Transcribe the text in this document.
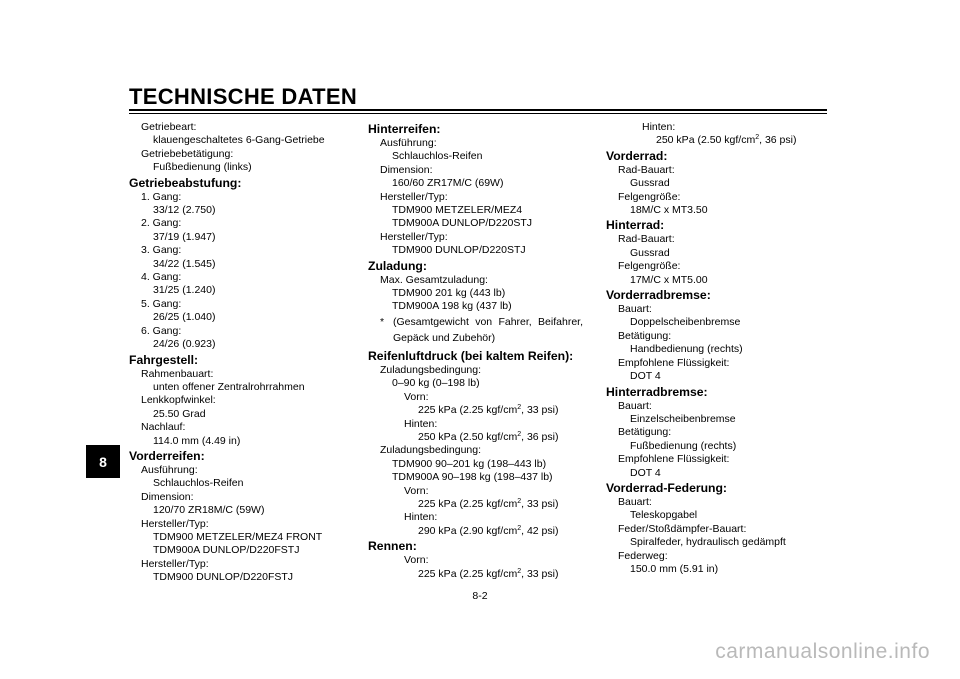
TECHNISCHE DATEN
8
Getriebeart:
klauengeschaltetes 6-Gang-Getriebe
Getriebebetätigung:
Fußbedienung (links)
Getriebeabstufung:
1. Gang:
33/12 (2.750)
2. Gang:
37/19 (1.947)
3. Gang:
34/22 (1.545)
4. Gang:
31/25 (1.240)
5. Gang:
26/25 (1.040)
6. Gang:
24/26 (0.923)
Fahrgestell:
Rahmenbauart:
unten offener Zentralrohrrahmen
Lenkkopfwinkel:
25.50 Grad
Nachlauf:
114.0 mm (4.49 in)
Vorderreifen:
Ausführung:
Schlauchlos-Reifen
Dimension:
120/70 ZR18M/C (59W)
Hersteller/Typ:
TDM900 METZELER/MEZ4 FRONT
TDM900A DUNLOP/D220FSTJ
Hersteller/Typ:
TDM900 DUNLOP/D220FSTJ
Hinterreifen:
Ausführung:
Schlauchlos-Reifen
Dimension:
160/60 ZR17M/C (69W)
Hersteller/Typ:
TDM900 METZELER/MEZ4
TDM900A DUNLOP/D220STJ
Hersteller/Typ:
TDM900 DUNLOP/D220STJ
Zuladung:
Max. Gesamtzuladung:
TDM900 201 kg (443 lb)
TDM900A 198 kg (437 lb)
* (Gesamtgewicht von Fahrer, Beifahrer, Gepäck und Zubehör)
Reifenluftdruck (bei kaltem Reifen):
Zuladungsbedingung:
0–90 kg (0–198 lb)
Vorn:
225 kPa (2.25 kgf/$cm^2$, 33 psi)
Hinten:
250 kPa (2.50 kgf/$cm^2$, 36 psi)
Zuladungsbedingung:
TDM900 90–201 kg (198–443 lb)
TDM900A 90–198 kg (198–437 lb)
Vorn:
225 kPa (2.25 kgf/$cm^2$, 33 psi)
Hinten:
290 kPa (2.90 kgf/$cm^2$, 42 psi)
Rennen:
Vorn:
225 kPa (2.25 kgf/$cm^2$, 33 psi)
Hinten:
250 kPa (2.50 kgf/$cm^2$, 36 psi)
Vorderrad:
Rad-Bauart:
Gussrad
Felgengröße:
18M/C x MT3.50
Hinterrad:
Rad-Bauart:
Gussrad
Felgengröße:
17M/C x MT5.00
Vorderradbremse:
Bauart:
Doppelscheibenbremse
Betätigung:
Handbedienung (rechts)
Empfohlene Flüssigkeit:
DOT 4
Hinterradbremse:
Bauart:
Einzelscheibenbremse
Betätigung:
Fußbedienung (rechts)
Empfohlene Flüssigkeit:
DOT 4
Vorderrad-Federung:
Bauart:
Teleskopgabel
Feder/Stoßdämpfer-Bauart:
Spiralfeder, hydraulisch gedämpft
Federweg:
150.0 mm (5.91 in)
8-2
carmanualsonline.info
